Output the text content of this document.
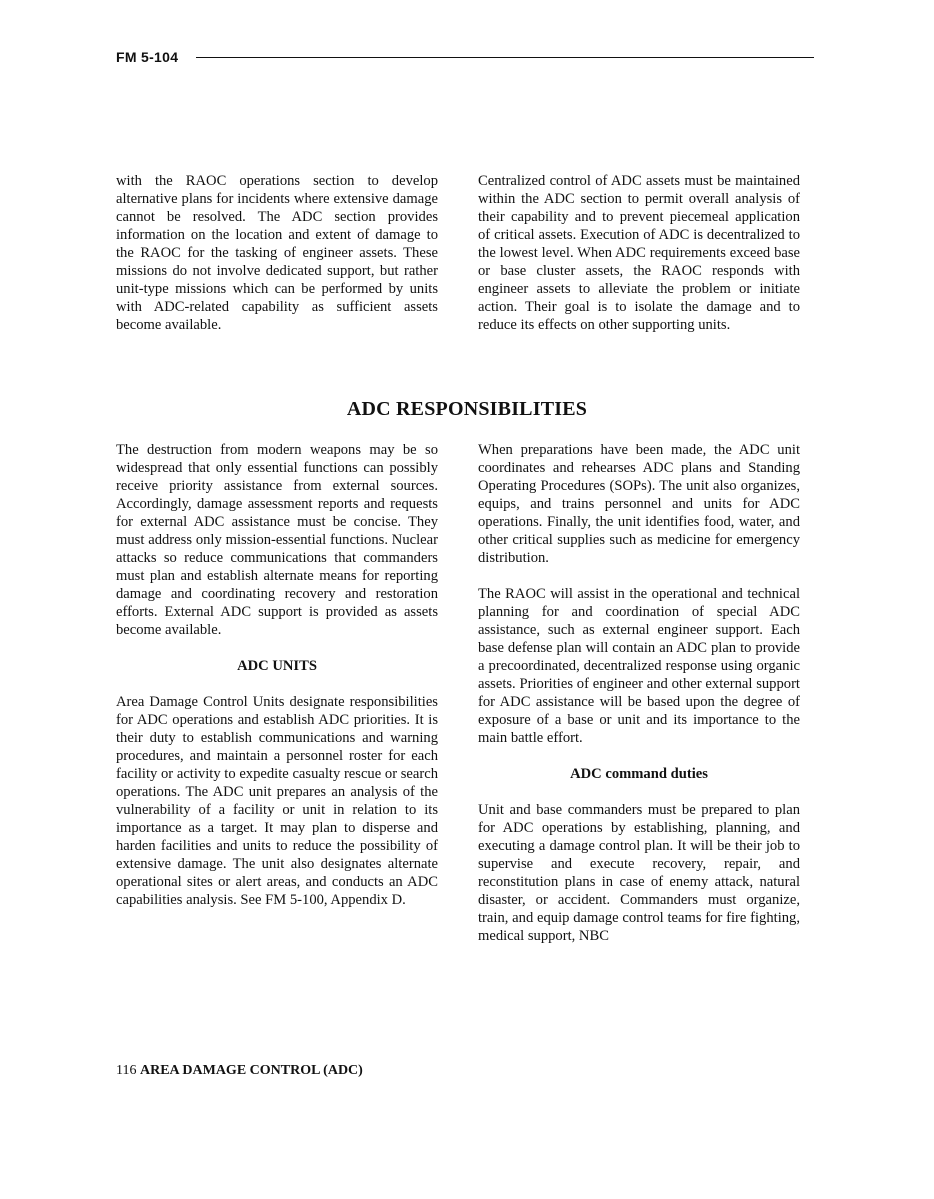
FM 5-104

with the RAOC operations section to develop alternative plans for incidents where extensive damage cannot be resolved. The ADC section provides information on the location and extent of damage to the RAOC for the tasking of engineer assets. These missions do not involve dedicated support, but rather unit-type missions which can be performed by units with ADC-related capability as sufficient assets become available.

Centralized control of ADC assets must be maintained within the ADC section to permit overall analysis of their capability and to prevent piecemeal application of critical assets. Execution of ADC is decentralized to the lowest level. When ADC requirements exceed base or base cluster assets, the RAOC responds with engineer assets to alleviate the problem or initiate action. Their goal is to isolate the damage and to reduce its effects on other supporting units.

ADC RESPONSIBILITIES

The destruction from modern weapons may be so widespread that only essential functions can possibly receive priority assistance from external sources. Accordingly, damage assessment reports and requests for external ADC assistance must be concise. They must address only mission-essential functions. Nuclear attacks so reduce communications that commanders must plan and establish alternate means for reporting damage and coordinating recovery and restoration efforts. External ADC support is provided as assets become available.

ADC UNITS

Area Damage Control Units designate responsibilities for ADC operations and establish ADC priorities. It is their duty to establish communications and warning procedures, and maintain a personnel roster for each facility or activity to expedite casualty rescue or search operations. The ADC unit prepares an analysis of the vulnerability of a facility or unit in relation to its importance as a target. It may plan to disperse and harden facilities and units to reduce the possibility of extensive damage. The unit also designates alternate operational sites or alert areas, and conducts an ADC capabilities analysis. See FM 5-100, Appendix D.

When preparations have been made, the ADC unit coordinates and rehearses ADC plans and Standing Operating Procedures (SOPs). The unit also organizes, equips, and trains personnel and units for ADC operations. Finally, the unit identifies food, water, and other critical supplies such as medicine for emergency distribution.

The RAOC will assist in the operational and technical planning for and coordination of special ADC assistance, such as external engineer support. Each base defense plan will contain an ADC plan to provide a precoordinated, decentralized response using organic assets. Priorities of engineer and other external support for ADC assistance will be based upon the degree of exposure of a base or unit and its importance to the main battle effort.

ADC command duties

Unit and base commanders must be prepared to plan for ADC operations by establishing, planning, and executing a damage control plan. It will be their job to supervise and execute recovery, repair, and reconstitution plans in case of enemy attack, natural disaster, or accident. Commanders must organize, train, and equip damage control teams for fire fighting, medical support, NBC

116 AREA DAMAGE CONTROL (ADC)
